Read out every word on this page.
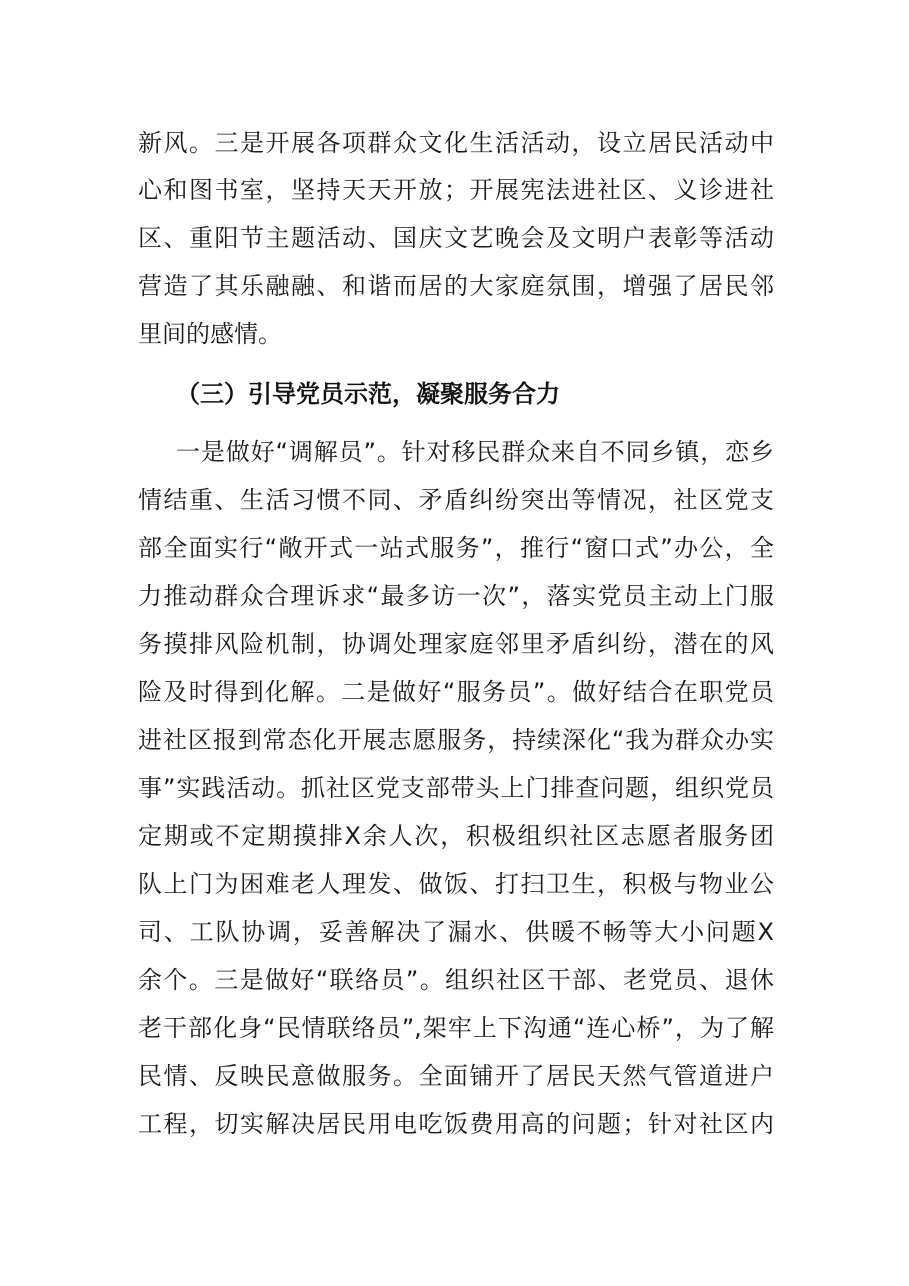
新风。三是开展各项群众文化生活活动，设立居民活动中
心和图书室，坚持天天开放；开展宪法进社区、义诊进社
区、重阳节主题活动、国庆文艺晚会及文明户表彰等活动
营造了其乐融融、和谐而居的大家庭氛围，增强了居民邻
里间的感情。
（三）引导党员示范，凝聚服务合力
一是做好“调解员”。针对移民群众来自不同乡镇，恋乡
情结重、生活习惯不同、矛盾纠纷突出等情况，社区党支
部全面实行“敞开式一站式服务”，推行“窗口式”办公，全
力推动群众合理诉求“最多访一次”，落实党员主动上门服
务摸排风险机制，协调处理家庭邻里矛盾纠纷，潜在的风
险及时得到化解。二是做好“服务员”。做好结合在职党员
进社区报到常态化开展志愿服务，持续深化“我为群众办实
事”实践活动。抓社区党支部带头上门排查问题，组织党员
定期或不定期摸排X余人次，积极组织社区志愿者服务团
队上门为困难老人理发、做饭、打扫卫生，积极与物业公
司、工队协调，妥善解决了漏水、供暖不畅等大小问题X
余个。三是做好“联络员”。组织社区干部、老党员、退休
老干部化身“民情联络员”,架牢上下沟通“连心桥”，为了解
民情、反映民意做服务。全面铺开了居民天然气管道进户
工程，切实解决居民用电吃饭费用高的问题；针对社区内
